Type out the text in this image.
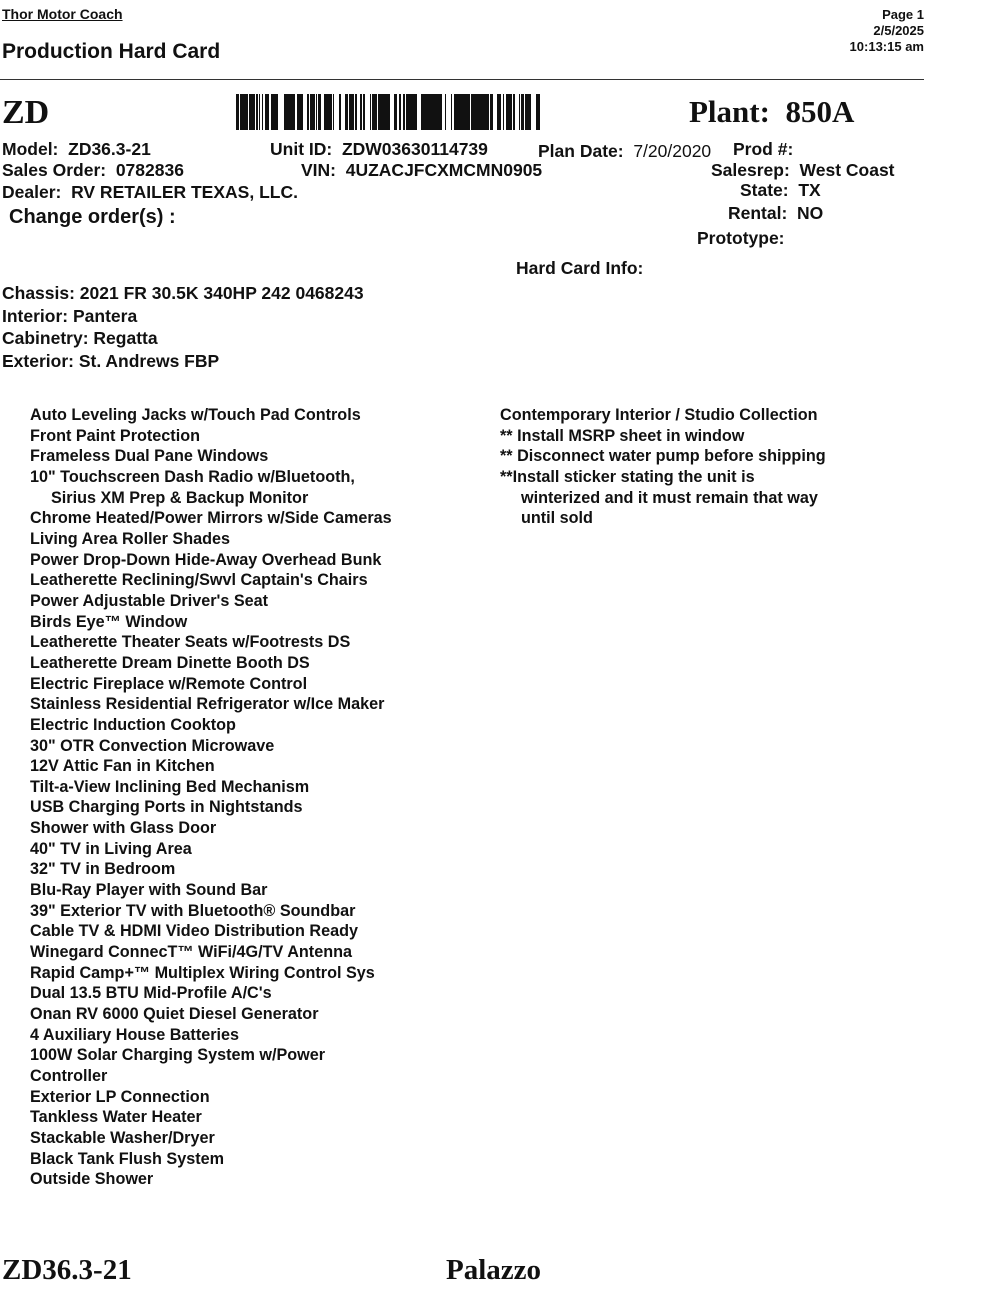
Thor Motor Coach
Production Hard Card
Page 1
2/5/2025
10:13:15 am
ZD	Plant: 850A
Model: ZD36.3-21
Sales Order: 0782836
Dealer: RV RETAILER TEXAS, LLC.
Change order(s) :
Unit ID: ZDW03630114739
VIN: 4UZACJFCXMCMN0905
Plan Date: 7/20/2020 Prod #:
Salesrep: West Coast
State: TX
Rental: NO
Prototype:
Hard Card Info:
Chassis: 2021 FR 30.5K 340HP 242 0468243
Interior: Pantera
Cabinetry: Regatta
Exterior: St. Andrews FBP
Auto Leveling Jacks w/Touch Pad Controls
Front Paint Protection
Frameless Dual Pane Windows
10" Touchscreen Dash Radio w/Bluetooth,
Sirius XM Prep & Backup Monitor
Chrome Heated/Power Mirrors w/Side Cameras
Living Area Roller Shades
Power Drop-Down Hide-Away Overhead Bunk
Leatherette Reclining/Swvl Captain's Chairs
Power Adjustable Driver's Seat
Birds Eye™ Window
Leatherette Theater Seats w/Footrests DS
Leatherette Dream Dinette Booth DS
Electric Fireplace w/Remote Control
Stainless Residential Refrigerator w/Ice Maker
Electric Induction Cooktop
30" OTR Convection Microwave
12V Attic Fan in Kitchen
Tilt-a-View Inclining Bed Mechanism
USB Charging Ports in Nightstands
Shower with Glass Door
40" TV in Living Area
32" TV in Bedroom
Blu-Ray Player with Sound Bar
39" Exterior TV with Bluetooth® Soundbar
Cable TV & HDMI Video Distribution Ready
Winegard ConnecT™ WiFi/4G/TV Antenna
Rapid Camp+™ Multiplex Wiring Control Sys
Dual 13.5 BTU Mid-Profile A/C's
Onan RV 6000 Quiet Diesel Generator
4 Auxiliary House Batteries
100W Solar Charging System w/Power
Controller
Exterior LP Connection
Tankless Water Heater
Stackable Washer/Dryer
Black Tank Flush System
Outside Shower
Contemporary Interior / Studio Collection
** Install MSRP sheet in window
** Disconnect water pump before shipping
**Install sticker stating the unit is
winterized and it must remain that way
until sold
ZD36.3-21	Palazzo
